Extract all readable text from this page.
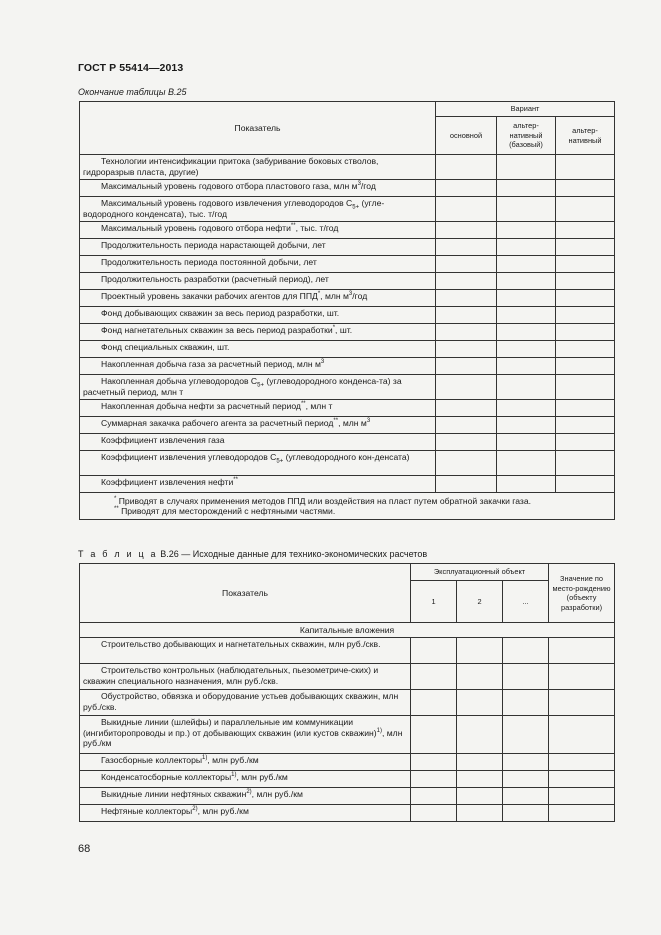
ГОСТ Р 55414—2013
Окончание таблицы В.25
Показатель	Вариант		
	основной	альтер-нативный (базовый)	альтер-нативный
Технологии интенсификации притока (забуривание боковых стволов, гидроразрыв пласта, другие)			
Максимальный уровень годового отбора пластового газа, млн $м^3$/год			
Максимальный уровень годового извлечения углеводородов $С_{5+}$ (угле-водородного конденсата), тыс. т/год			
Максимальный уровень годового отбора нефти**, тыс. т/год			
Продолжительность периода нарастающей добычи, лет			
Продолжительность периода постоянной добычи, лет			
Продолжительность разработки (расчетный период), лет			
Проектный уровень закачки рабочих агентов для ППД*, млн $м^3$/год			
Фонд добывающих скважин за весь период разработки, шт.			
Фонд нагнетательных скважин за весь период разработки*, шт.			
Фонд специальных скважин, шт.			
Накопленная добыча газа за расчетный период, млн $м^3$			
Накопленная добыча углеводородов $С_{5+}$ (углеводородного конденса-та) за расчетный период, млн т			
Накопленная добыча нефти за расчетный период**, млн т			
Суммарная закачка рабочего агента за расчетный период**, млн $м^3$			
Коэффициент извлечения газа			
Коэффициент извлечения углеводородов $С_{5+}$ (углеводородного кон-денсата)			
Коэффициент извлечения нефти**			

* Приводят в случаях применения методов ППД или воздействия на пласт путем обратной закачки газа.
** Приводят для месторождений с нефтяными частями.			
Т а б л и ц а В.26 — Исходные данные для технико-экономических расчетов
Показатель	Эксплуатационный объект			Значение по место-рождению (объекту разработки)
	1	2	...	
Капитальные вложения				
Строительство добывающих и нагнетательных скважин, млн руб./скв.				
Строительство контрольных (наблюдательных, пьезометриче-ских) и скважин специального назначения, млн руб./скв.				
Обустройство, обвязка и оборудование устьев добывающих скважин, млн руб./скв.				
Выкидные линии (шлейфы) и параллельные им коммуникации (ингибиторопроводы и пр.) от добывающих скважин (или кустов скважин)$^{1)}$, млн руб./км				
Газосборные коллекторы$^{1)}$, млн руб./км				
Конденсатосборные коллекторы$^{1)}$, млн руб./км				
Выкидные линии нефтяных скважин$^{2)}$, млн руб./км				
Нефтяные коллекторы$^{2)}$, млн руб./км				
68
